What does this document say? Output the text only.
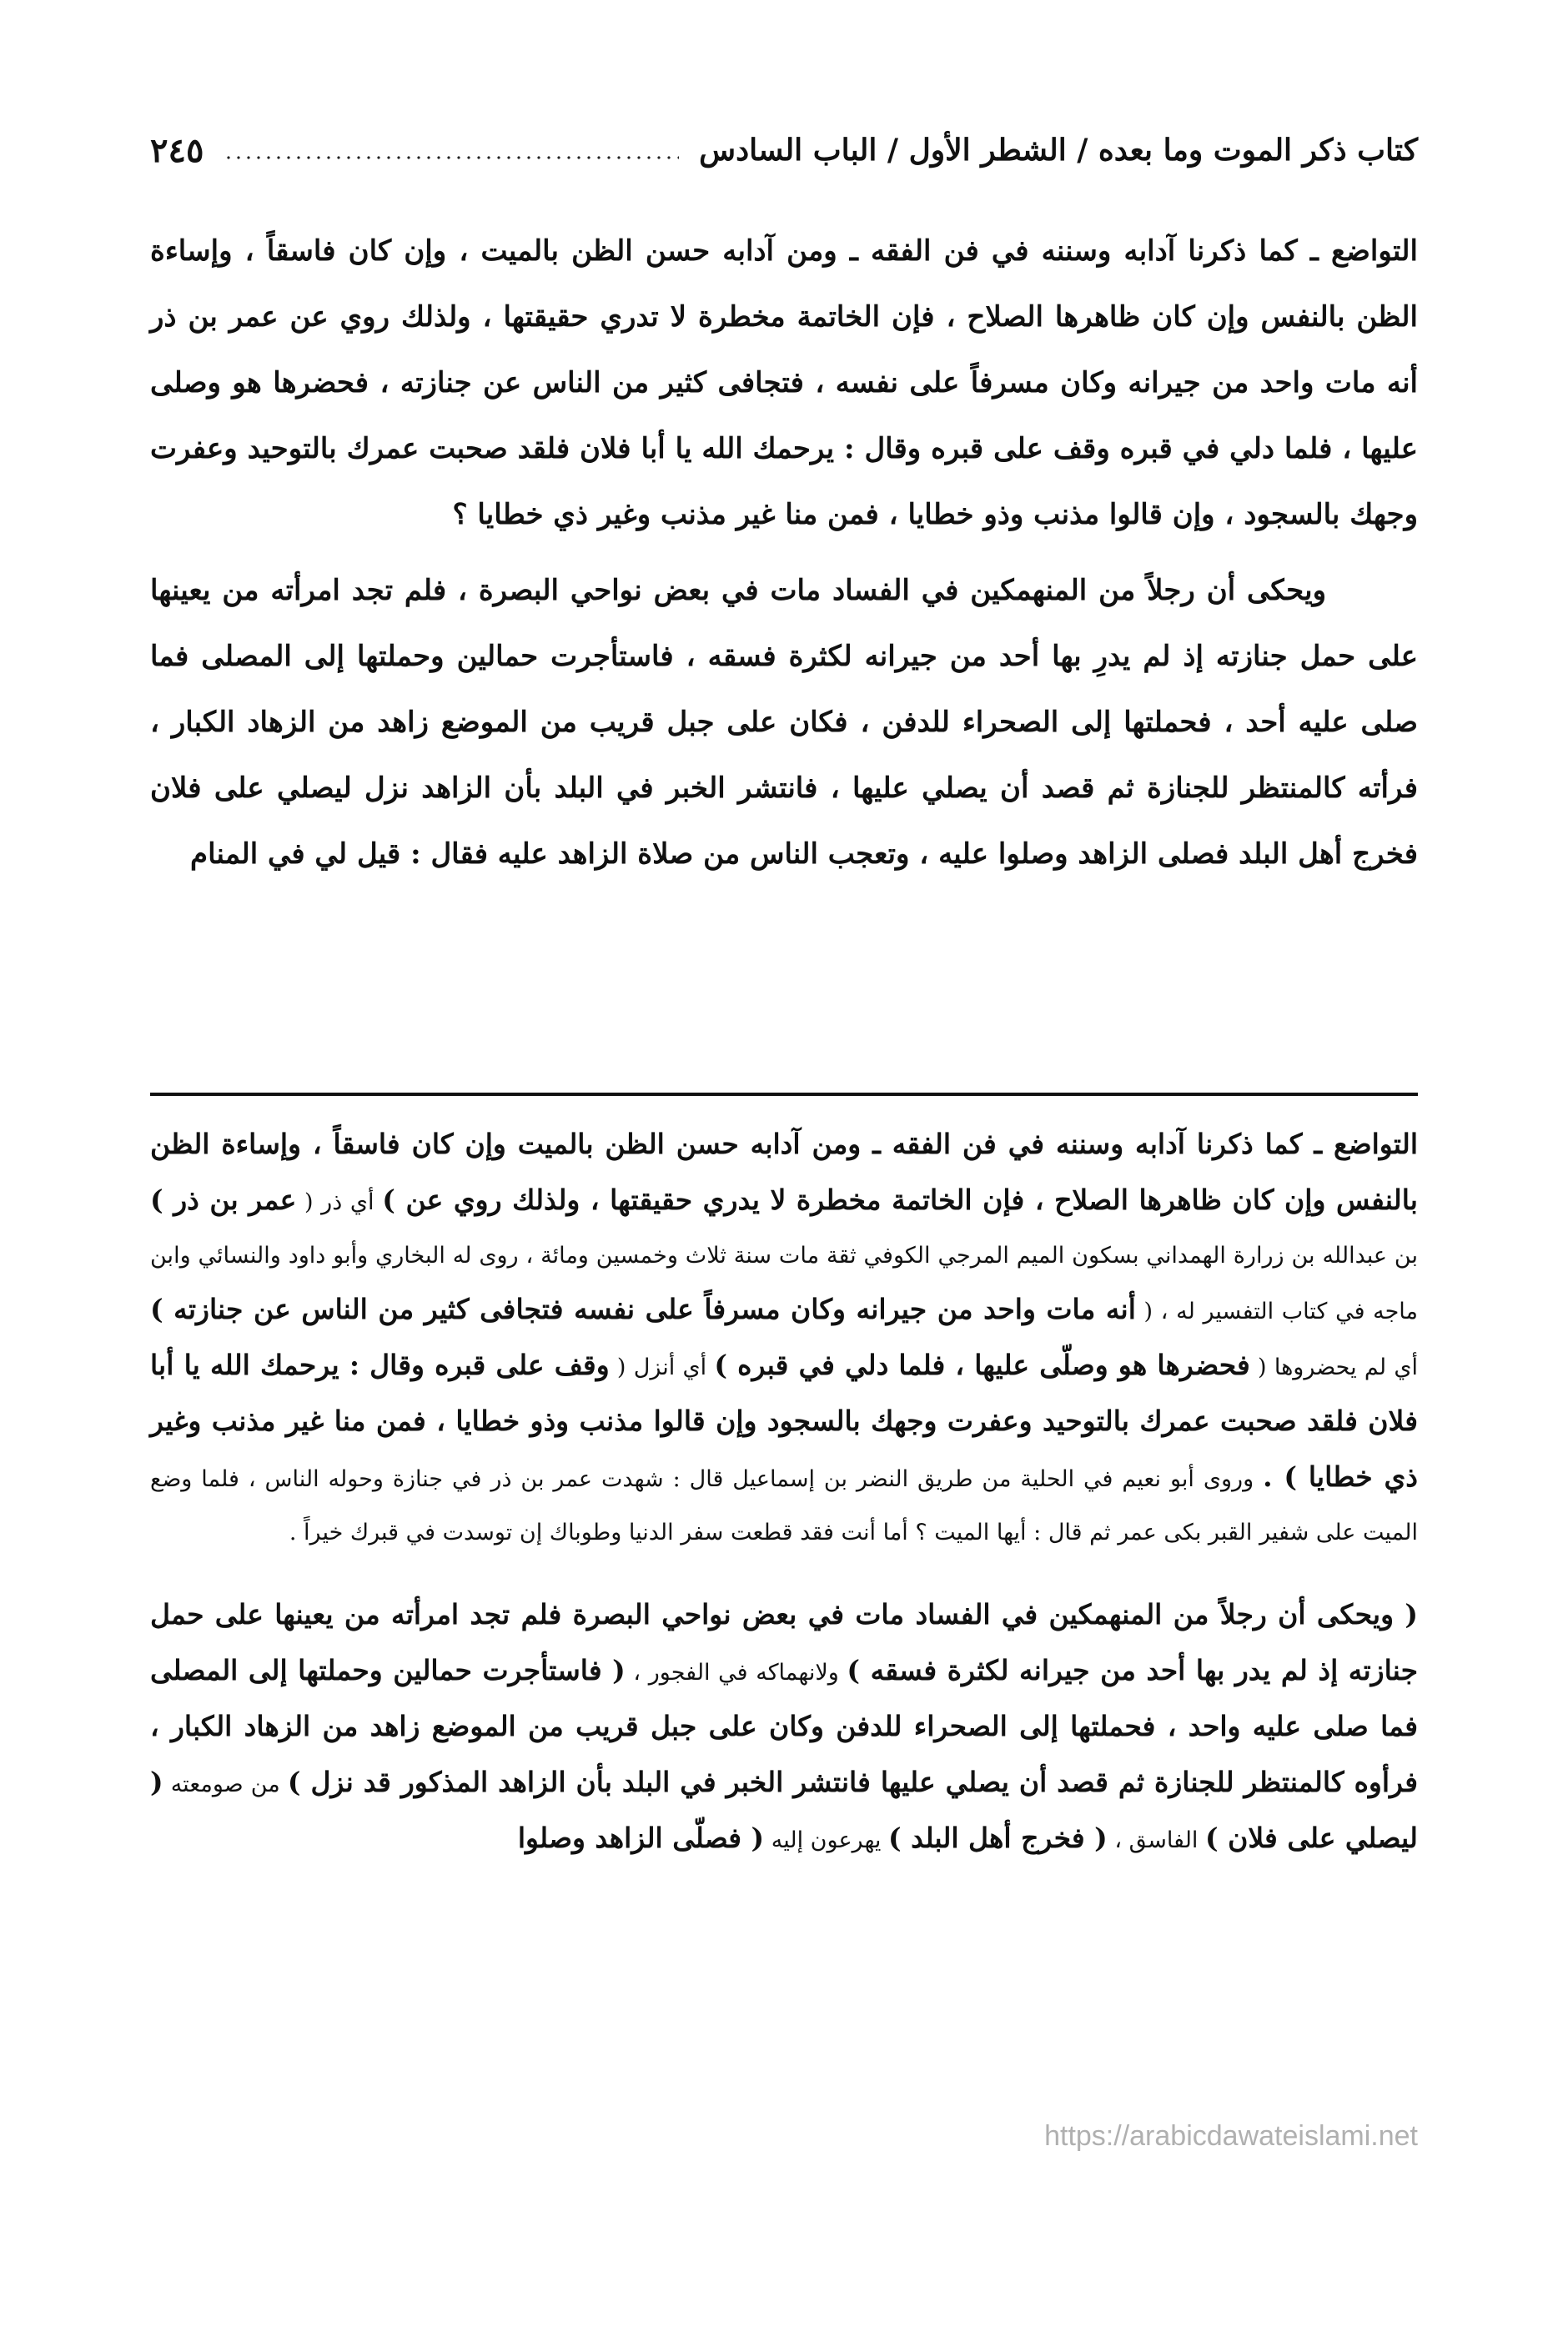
كتاب ذكر الموت وما بعده / الشطر الأول / الباب السادس
٢٤٥

التواضع ـ كما ذكرنا آدابه وسننه في فن الفقه ـ ومن آدابه حسن الظن بالميت ، وإن كان فاسقاً ، وإساءة الظن بالنفس وإن كان ظاهرها الصلاح ، فإن الخاتمة مخطرة لا تدري حقيقتها ، ولذلك روي عن عمر بن ذر أنه مات واحد من جيرانه وكان مسرفاً على نفسه ، فتجافى كثير من الناس عن جنازته ، فحضرها هو وصلى عليها ، فلما دلي في قبره وقف على قبره وقال : يرحمك الله يا أبا فلان فلقد صحبت عمرك بالتوحيد وعفرت وجهك بالسجود ، وإن قالوا مذنب وذو خطايا ، فمن منا غير مذنب وغير ذي خطايا ؟

ويحكى أن رجلاً من المنهمكين في الفساد مات في بعض نواحي البصرة ، فلم تجد امرأته من يعينها على حمل جنازته إذ لم يدرِ بها أحد من جيرانه لكثرة فسقه ، فاستأجرت حمالين وحملتها إلى المصلى فما صلى عليه أحد ، فحملتها إلى الصحراء للدفن ، فكان على جبل قريب من الموضع زاهد من الزهاد الكبار ، فرأته كالمنتظر للجنازة ثم قصد أن يصلي عليها ، فانتشر الخبر في البلد بأن الزاهد نزل ليصلي على فلان فخرج أهل البلد فصلى الزاهد وصلوا عليه ، وتعجب الناس من صلاة الزاهد عليه فقال : قيل لي في المنام

التواضع ـ كما ذكرنا آدابه وسننه في فن الفقه ـ ومن آدابه حسن الظن بالميت وإن كان فاسقاً ، وإساءة الظن بالنفس وإن كان ظاهرها الصلاح ، فإن الخاتمة مخطرة لا يدري حقيقتها ، ولذلك روي عن ) أي ذر ( عمر بن ذر ) بن عبدالله بن زرارة الهمداني بسكون الميم المرجي الكوفي ثقة مات سنة ثلاث وخمسين ومائة ، روى له البخاري وأبو داود والنسائي وابن ماجه في كتاب التفسير له ، ( أنه مات واحد من جيرانه وكان مسرفاً على نفسه فتجافى كثير من الناس عن جنازته ) أي لم يحضروها ( فحضرها هو وصلّى عليها ، فلما دلي في قبره ) أي أنزل ( وقف على قبره وقال : يرحمك الله يا أبا فلان فلقد صحبت عمرك بالتوحيد وعفرت وجهك بالسجود وإن قالوا مذنب وذو خطايا ، فمن منا غير مذنب وغير ذي خطايا ) . وروى أبو نعيم في الحلية من طريق النضر بن إسماعيل قال : شهدت عمر بن ذر في جنازة وحوله الناس ، فلما وضع الميت على شفير القبر بكى عمر ثم قال : أيها الميت ؟ أما أنت فقد قطعت سفر الدنيا وطوباك إن توسدت في قبرك خيراً .

( ويحكى أن رجلاً من المنهمكين في الفساد مات في بعض نواحي البصرة فلم تجد امرأته من يعينها على حمل جنازته إذ لم يدر بها أحد من جيرانه لكثرة فسقه ) ولانهماكه في الفجور ، ( فاستأجرت حمالين وحملتها إلى المصلى فما صلى عليه واحد ، فحملتها إلى الصحراء للدفن وكان على جبل قريب من الموضع زاهد من الزهاد الكبار ، فرأوه كالمنتظر للجنازة ثم قصد أن يصلي عليها فانتشر الخبر في البلد بأن الزاهد المذكور قد نزل ) من صومعته ( ليصلي على فلان ) الفاسق ، ( فخرج أهل البلد ) يهرعون إليه ( فصلّى الزاهد وصلوا

https://arabicdawateislami.net
